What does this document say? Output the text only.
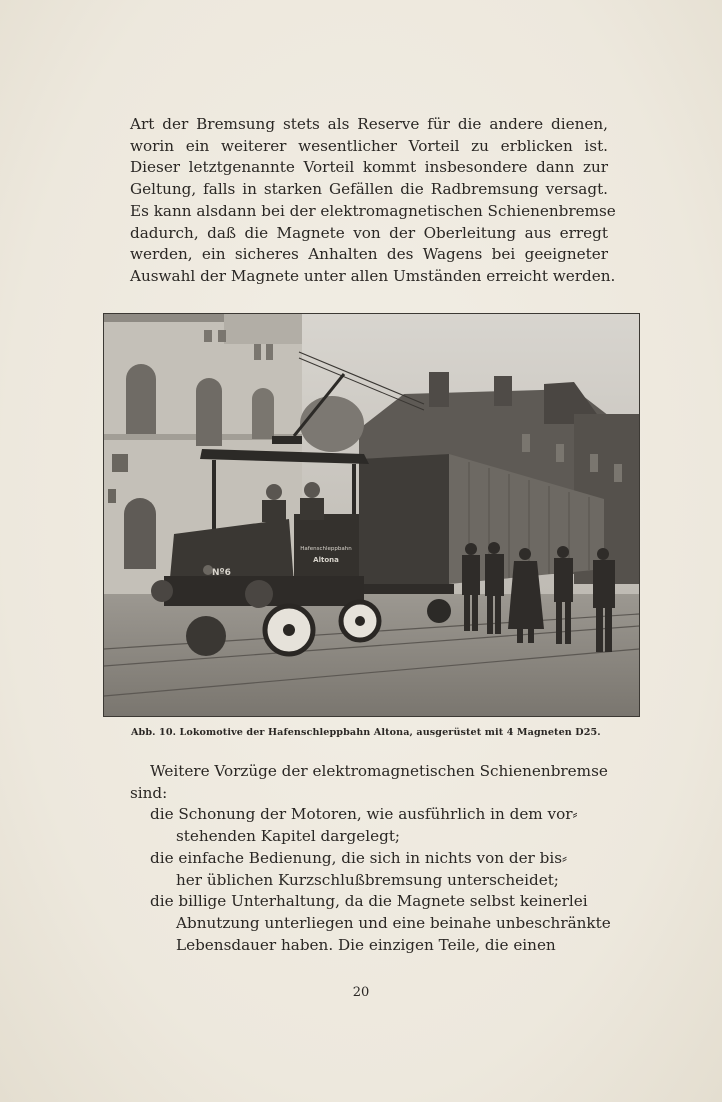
Art der Bremsung stets als Reserve für die andere dienen,
worin ein weiterer wesentlicher Vorteil zu erblicken ist.
Dieser letztgenannte Vorteil kommt insbesondere dann zur
Geltung, falls in starken Gefällen die Radbremsung versagt.
Es kann alsdann bei der elektromagnetischen Schienenbremse
dadurch, daß die Magnete von der Oberleitung aus erregt
werden, ein sicheres Anhalten des Wagens bei geeigneter
Auswahl der Magnete unter allen Umständen erreicht werden.
Nº6
Hafenschleppbahn
Altona
Abb. 10. Lokomotive der Hafenschleppbahn Altona, ausgerüstet mit 4 Magneten D25.
Weitere Vorzüge der elektromagnetischen Schienenbremse
sind:
die Schonung der Motoren, wie ausführlich in dem vor⸗
stehenden Kapitel dargelegt;
die einfache Bedienung, die sich in nichts von der bis⸗
her üblichen Kurzschlußbremsung unterscheidet;
die billige Unterhaltung, da die Magnete selbst keinerlei
Abnutzung unterliegen und eine beinahe unbeschränkte
Lebensdauer haben. Die einzigen Teile, die einen
20
